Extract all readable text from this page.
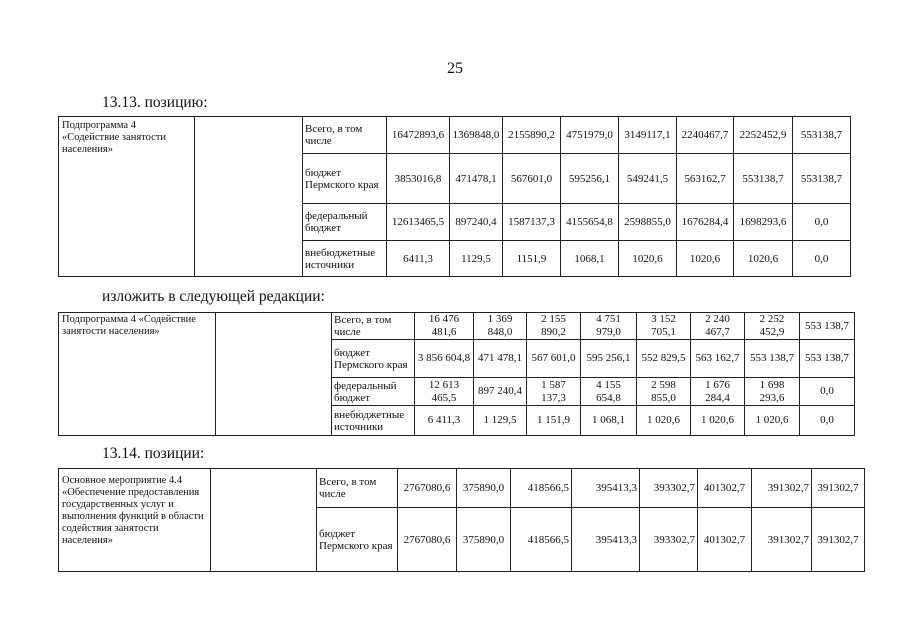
25
13.13. позицию:
Подпрограмма 4 «Содействие занятости населения»		Всего, в том числе	16472893,6	1369848,0	2155890,2	4751979,0	3149117,1	2240467,7	2252452,9	553138,7
		бюджет Пермского края	3853016,8	471478,1	567601,0	595256,1	549241,5	563162,7	553138,7	553138,7
		федеральный бюджет	12613465,5	897240,4	1587137,3	4155654,8	2598855,0	1676284,4	1698293,6	0,0
		внебюджетные источники	6411,3	1129,5	1151,9	1068,1	1020,6	1020,6	1020,6	0,0
изложить в следующей редакции:
Подпрограмма 4 «Содействие занятости населения»		Всего, в том числе	16 476 481,6	1 369 848,0	2 155 890,2	4 751 979,0	3 152 705,1	2 240 467,7	2 252 452,9	553 138,7
		бюджет Пермского края	3 856 604,8	471 478,1	567 601,0	595 256,1	552 829,5	563 162,7	553 138,7	553 138,7
		федеральный бюджет	12 613 465,5	897 240,4	1 587 137,3	4 155 654,8	2 598 855,0	1 676 284,4	1 698 293,6	0,0
		внебюджетные источники	6 411,3	1 129,5	1 151,9	1 068,1	1 020,6	1 020,6	1 020,6	0,0
13.14. позиции:
Основное мероприятие 4.4 «Обеспечение предоставления государственных услуг и выполнения функций в области содействия занятости населения»		Всего, в том числе	2767080,6	375890,0	418566,5	395413,3	393302,7	401302,7	391302,7	391302,7
		бюджет Пермского края	2767080,6	375890,0	418566,5	395413,3	393302,7	401302,7	391302,7	391302,7
